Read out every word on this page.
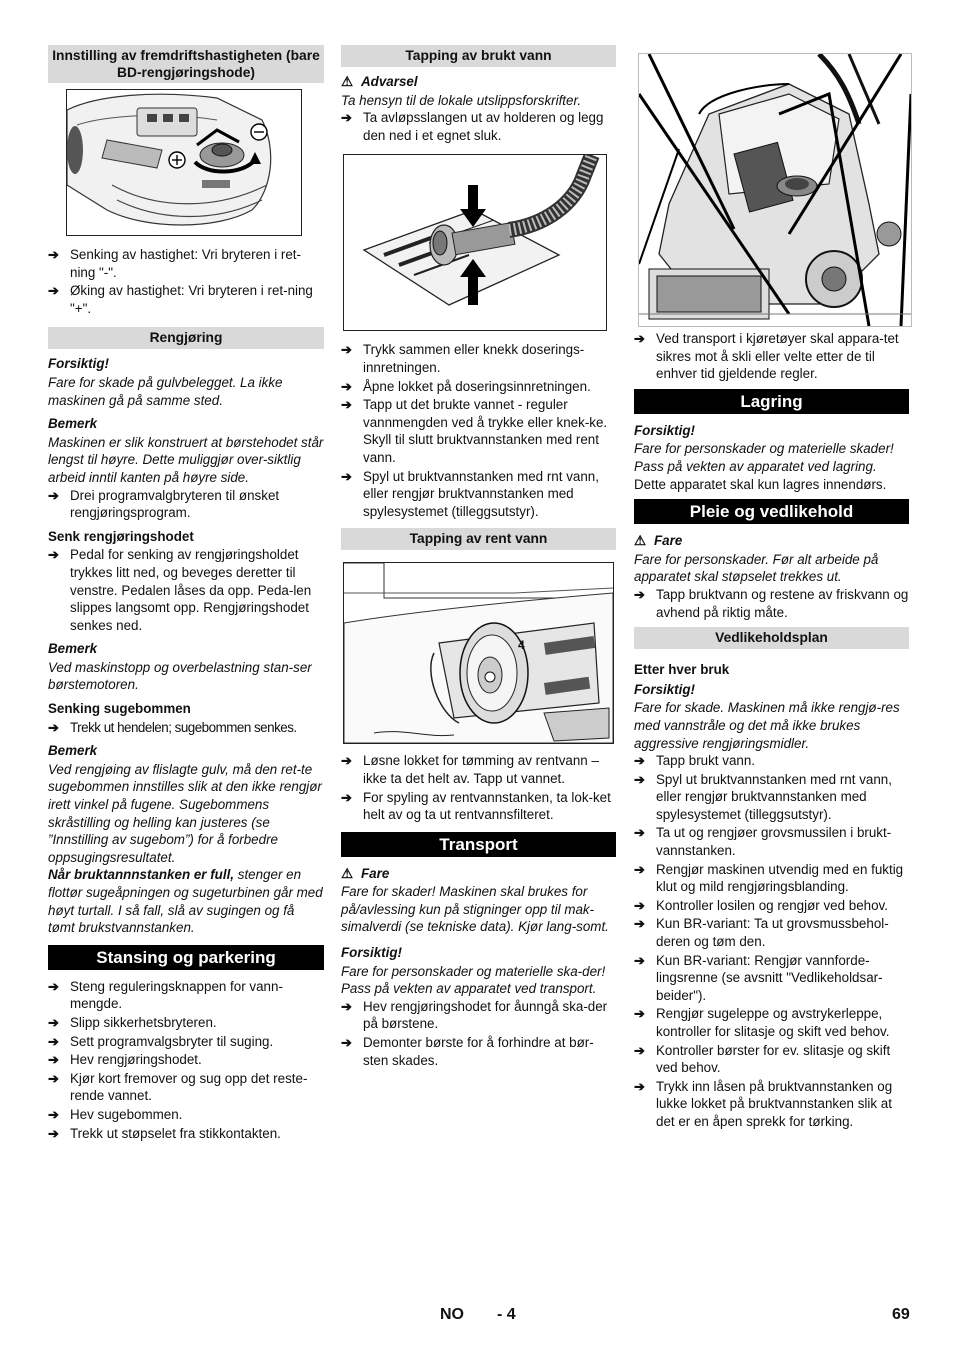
Innstilling av fremdriftshastigheten (bare BD-rengjøringshode)
➔ Senking av hastighet: Vri bryteren i ret-ning "-".
➔ Øking av hastighet: Vri bryteren i ret-ning "+".
Rengjøring
Forsiktig!

Fare for skade på gulvbelegget. La ikke maskinen gå på samme sted.

Bemerk

Maskinen er slik konstruert at børstehodet står lengst til høyre. Dette muliggjør over-siktlig arbeid inntil kanten på høyre side.

➔ Drei programvalgbryteren til ønsket rengjøringsprogram.
Senk rengjøringshodet
➔ Pedal for senking av rengjøringsholdet trykkes litt ned, og beveges deretter til venstre. Pedalen låses da opp. Peda-len slippes langsomt opp. Rengjøringshodet senkes ned.
Bemerk

Ved maskinstopp og overbelastning stan-ser børstemotoren.

Senking sugebommen
➔ Trekk ut hendelen; sugebommen senkes.
Bemerk

Ved rengjøing av flislagte gulv, må den ret-te sugebommen innstilles slik at den ikke rengjør irett vinkel på fugene. Sugebommens skråstilling og helling kan justeres (se ”Innstilling av sugebom”) for å forbedre oppsugingsresultatet.
Når bruktannnstanken er full, stenger en flottør sugeåpningen og sugeturbinen går med høyt turtall. I så fall, slå av sugingen og få tømt brukstvannstanken.

Stansing og parkering
➔ Steng reguleringsknappen for vann-mengde.
➔ Slipp sikkerhetsbryteren.
➔ Sett programvalgsbryter til suging.
➔ Hev rengjøringshodet.
➔ Kjør kort fremover og sug opp det reste-rende vannet.
➔ Hev sugebommen.
➔ Trekk ut støpselet fra stikkontakten.
Tapping av brukt vann
⚠ Advarsel

Ta hensyn til de lokale utslippsforskrifter.

➔ Ta avløpsslangen ut av holderen og legg den ned i et egnet sluk.
➔ Trykk sammen eller knekk doserings-innretningen.
➔ Åpne lokket på doseringsinnretningen.
➔ Tapp ut det brukte vannet - reguler vannmengden ved å trykke eller knek-ke. Skyll til slutt bruktvannstanken med rent vann.
➔ Spyl ut bruktvannstanken med rnt vann, eller rengjør bruktvannstanken med spylesystemet (tilleggsutstyr).
Tapping av rent vann
4
➔ Løsne lokket for tømming av rentvann – ikke ta det helt av. Tapp ut vannet.
➔ For spyling av rentvannstanken, ta lok-ket helt av og ta ut rentvannsfilteret.
Transport
⚠ Fare

Fare for skader! Maskinen skal brukes for på/avlessing kun på stigninger opp til mak-simalverdi (se tekniske data). Kjør lang-somt.

Forsiktig!

Fare for personskader og materielle ska-der! Pass på vekten av apparatet ved transport.

➔ Hev rengjøringshodet for åunngå ska-der på børstene.
➔ Demonter børste for å forhindre at bør-sten skades.
➔ Ved transport i kjøretøyer skal appara-tet sikres mot å skli eller velte etter de til enhver tid gjeldende regler.
Lagring
Forsiktig!

Fare for personskader og materielle skader! Pass på vekten av apparatet ved lagring.

Dette apparatet skal kun lagres innendørs.

Pleie og vedlikehold
⚠ Fare

Fare for personskader. Før alt arbeide på apparatet skal støpselet trekkes ut.

➔ Tapp bruktvann og restene av friskvann og avhend på riktig måte.
Vedlikeholdsplan
Etter hver bruk
Forsiktig!

Fare for skade. Maskinen må ikke rengjø-res med vannstråle og det må ikke brukes aggressive rengjøringsmidler.

➔ Tapp brukt vann.
➔ Spyl ut bruktvannstanken med rnt vann, eller rengjør bruktvannstanken med spylesystemet (tilleggsutstyr).
➔ Ta ut og rengjøer grovsmussilen i brukt-vannstanken.
➔ Rengjør maskinen utvendig med en fuktig klut og mild rengjøringsblanding.
➔ Kontroller losilen og rengjør ved behov.
➔ Kun BR-variant: Ta ut grovsmussbehol-deren og tøm den.
➔ Kun BR-variant: Rengjør vannforde-lingsrenne (se avsnitt "Vedlikeholdsar-beider").
➔ Rengjør sugeleppe og avstrykerleppe, kontroller for slitasje og skift ved behov.
➔ Kontroller børster for ev. slitasje og skift ved behov.
➔ Trykk inn låsen på bruktvannstanken og lukke lokket på bruktvannstanken slik at det er en åpen sprekk for tørking.
NO - 4	69
